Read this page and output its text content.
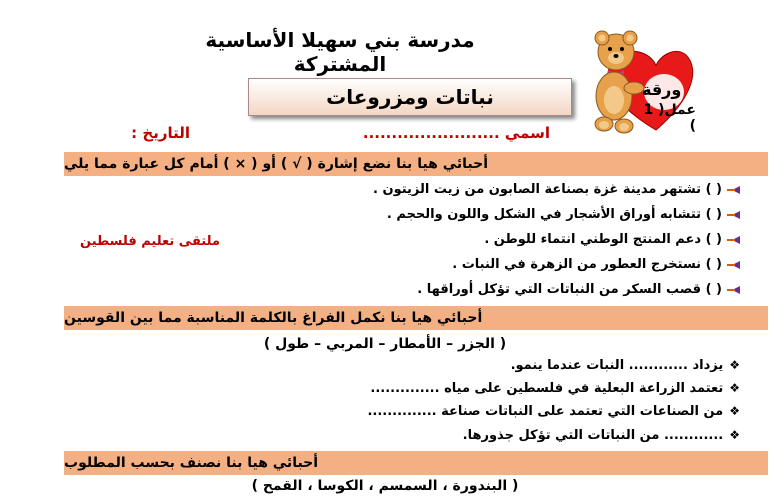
مدرسة بني سهيلا الأساسية المشتركة
نباتات ومزروعات	ورقة
عمل( 1 )
اسمي ........................
التاريخ :
أحبائي هيا بنا نضع إشارة ( √ ) أو ( × ) أمام كل عبارة مما يلي
( ) تشتهر مدينة غزة بصناعة الصابون من زيت الزيتون .
( ) تتشابه أوراق الأشجار في الشكل واللون والحجم .
( ) دعم المنتج الوطني انتماء للوطن .
( ) نستخرج العطور من الزهرة في النبات .
( ) قصب السكر من النباتات التي تؤكل أوراقها .
ملتقى تعليم فلسطين
أحبائي هيا بنا نكمل الفراغ بالكلمة المناسبة مما بين القوسين
( الجزر – الأمطار – المربي – طول )
❖يزداد ............ النبات عندما ينمو.
❖تعتمد الزراعة البعلية في فلسطين على مياه ..............
❖من الصناعات التي تعتمد على النباتات صناعة ..............
❖............ من النباتات التي تؤكل جذورها.
أحبائي هيا بنا نصنف بحسب المطلوب
( البندورة ، السمسم ، الكوسا ، القمح )
